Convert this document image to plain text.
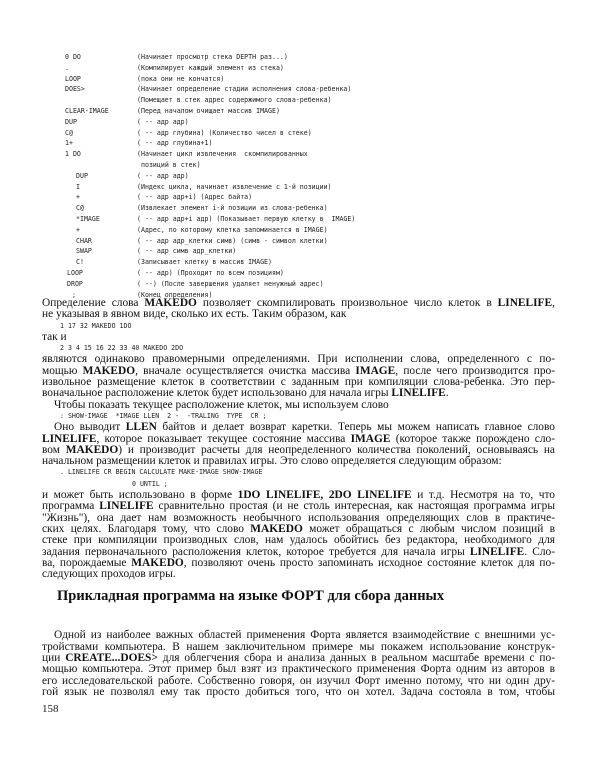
0 DO	(Начинает просмотр стека DEPTH раз...)
.	(Компилирует каждый элемент из стека)
LOOP	(пока они не кончатся)
DOES>	(Начинает определение стадии исполнения слова-ребенка)
(Помещает в стек адрес содержимого слова-ребенка)
CLEAR-IMAGE	(Перед началом очищает массив IMAGE)
DUP	( -- адр адр)
C@	( -- адр глубина) (Количество чисел в стеке)
1+	( -- адр глубина+1)
1 DO	(Начинает цикл извлечения  скомпилированных
позиций в стек)
DUP	( -- адр адр)
I	(Индекс цикла, начинает извлечение с 1-й позиции)
+	( -- адр адр+i) (Адрес байта)
C@	(Извлекает элемент i-й позиции из слова-ребенка)
*IMAGE	( -- адр адр+i адр) (Показывает первую клетку в  IMAGE)
+	(Адрес, по которому клетка запоминается в IMAGE)
CHAR	( -- адр адр_клетки симв) (симв - символ клетки)
SWAP	( -- адр симв адр_клетки)
C!	(Записывает клетку в массив IMAGE)
LOOP	( -- адр) (Проходит по всем позициям)
DROP	( --) (После завершения удаляет ненужный адрес)
;	(Конец определения)
Определение слова MAKEDO позволяет скомпилировать произвольное число клеток в LINELIFE,
не указывая в явном виде, сколько их есть. Таким образом, как
1 17 32 MAKEDO 1DO
так и
2 3 4 15 16 22 33 40 MAKEDO 2DO
являются одинаково правомерными определениями. При исполнении слова, определенного с по-
мощью MAKEDO, вначале осуществляется очистка массива IMAGE, после чего производится про-
извольное размещение клеток в соответствии с заданным при компиляции слова-ребенка. Это пер-
воначальное расположение клеток будет использовано для начала игры LINELIFE.
Чтобы показать текущее расположение клеток, мы используем слово
: SHOW-IMAGE  *IMAGE LLEN  2 -  -TRALING  TYPE  CR ;
Оно выводит LLEN байтов и делает возврат каретки. Теперь мы можем написать главное слово
LINELIFE, которое показывает текущее состояние массива IMAGE (которое также порождено сло-
вом MAKEDO) и производит расчеты для неопределенного количества поколений, основываясь на
начальном размещении клеток и правилах игры. Это слово определяется следующим образом:
. LINELIFE CR BEGIN CALCULATE MAKE-IMAGE SHOW-IMAGE
0 UNTIL ;
и может быть использовано в форме 1DO LINELIFE, 2DO LINELIFE и т.д. Несмотря на то, что
программа LINELIFE сравнительно простая (и не столь интересная, как настоящая программа игры
"Жизнь"), она дает нам возможность необычного использования определяющих слов в практиче-
ских целях. Благодаря тому, что слово MAKEDO может обращаться с любым числом позиций в
стеке при компиляции производных слов, нам удалось обойтись без редактора, необходимого для
задания первоначального расположения клеток, которое требуется для начала игры LINELIFE. Сло-
ва, порождаемые MAKEDO, позволяют очень просто запоминать исходное состояние клеток для по-
следующих проходов игры.
Прикладная программа на языке ФОРТ для сбора данных
Одной из наиболее важных областей применения Форта является взаимодействие с внешними ус-
тройствами компьютера. В нашем заключительном примере мы покажем использование конструк-
ции CREATE...DOES> для облегчения сбора и анализа данных в реальном масштабе времени с по-
мощью компьютера. Этот пример был взят из практического применения Форта одним из авторов в
его исследовательской работе. Собственно говоря, он изучил Форт именно потому, что ни один дру-
гой язык не позволял ему так просто добиться того, что он хотел. Задача состояла в том, чтобы
158
